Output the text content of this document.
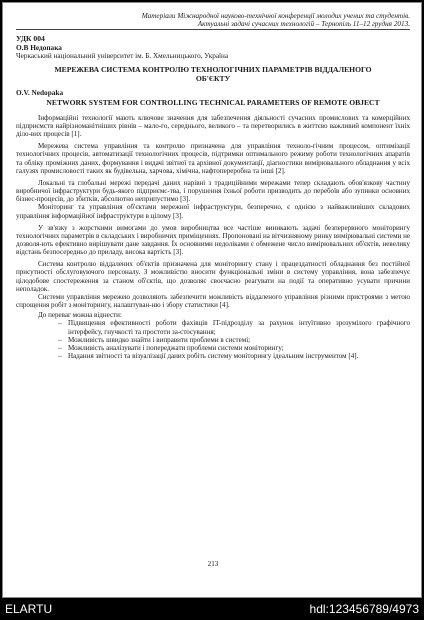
Матеріали Міжнародної науково-технічної конференції молодих учених та студентів.
Актуальні задачі сучасних технологій – Тернопіль 11–12 грудня 2013.
УДК 004
О.В Недопака
Черкаський національний університет ім. Б. Хмельницького, Україна
МЕРЕЖЕВА СИСТЕМА КОНТРОЛЮ ТЕХНОЛОГІЧНИХ ПАРАМЕТРІВ ВІДДАЛЕНОГО ОБ'ЄКТУ
O.V. Nedopaka
NETWORK SYSTEM FOR CONTROLLING TECHNICAL PARAMETERS OF REMOTE OBJECT

Інформаційні технології мають ключове значення для забезпечення діяльності сучасних промислових та комерційних підприємств найрізноманітніших рівнів – мало-го, середнього, великого – та перетворились в життєво важливий компонент їхніх діло-вих процесів [1].

Мережева система управління та контролю призначена для управління техноло-гічним процесом, оптимізації технологічних процесів, автоматизації технологічних процесів, підтримки оптимального режиму роботи технологічних апаратів та обліку проміжних даних, формування і видачі звітної та архівної документації, діагностики вимірювального обладнання у всіх галузях промисловості таких як будівельна, харчова, хімічна, нафтопереробна та інші [2].

Локальні та глобальні мережі передачі даних нарівні з традиційними мережами тепер складають обов'язкову частину виробничої інфраструктури будь-якого підприємс-тва, і порушення їхньої роботи призводить до перебоїв або зупинки основних бізнес-процесів, до збитків, абсолютно неприпустимо [3].

Моніторинг та управління об'єктами мережної інфраструктури, безперечно, є однією з найважливіших складових управління інформаційної інфраструктури в цілому [3].

У зв'язку з жорсткими вимогами до умов виробництва все частіше виникають задачі безперервного моніторингу технологічних параметрів в складських і виробничих приміщеннях. Пропоновані на вітчизняному ринку вимірювальні системи не дозволя-ють ефективно вирішувати дане завдання. Їх основними недоліками є обмежене число вимірювальних об'єктів, невелику відстань безпосередньо до приладу, висока вартість [3].

Система контролю віддалених об'єктів призначена для моніторингу стану і працездатності обладнання без постійної присутності обслуговуючого персоналу. З можливістю вносити функціональні зміни в систему управління, вона забезпечує цілодобове спостереження за станом об'єктів, що дозволяє своєчасно реагувати на події та оперативно усувати причини неполадок.

Системи управління мережею дозволяють забезпечити можливість віддаленого управління різними пристроями з метою спрощення робіт з моніторингу, налаштуван-ню і збору статистики [4].

До переваг можна віднести:

– Підвищення ефективності роботи фахівців IT-підрозділу за рахунок інтуїтивно зрозумілого графічного інтерфейсу, гнучкості та простоти за-стосування;
– Можливість швидко знайти і виправити проблеми в системі;
– Можливість аналізувати і попереджати проблеми системи моніторингу;
– Надання звітності та візуалізації даних робіть систему моніторингу ідеальним інструментом [4].
213
ELARTU	hdl:123456789/4973
